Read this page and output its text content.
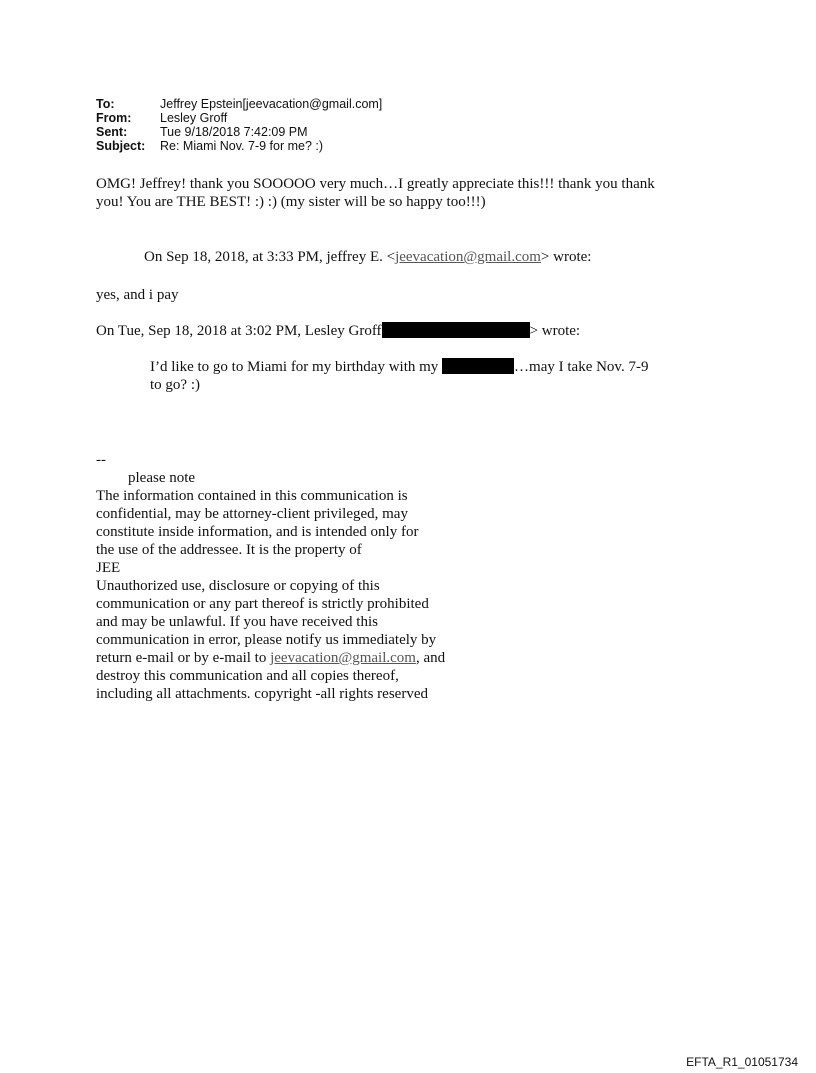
To:	Jeffrey Epstein[jeevacation@gmail.com]
From:	Lesley Groff
Sent:	Tue 9/18/2018 7:42:09 PM
Subject:	Re: Miami Nov. 7-9 for me? :)
OMG! Jeffrey! thank you SOOOOO very much…I greatly appreciate this!!! thank you thank
you! You are THE BEST! :) :) (my sister will be so happy too!!!)
On Sep 18, 2018, at 3:33 PM, jeffrey E. <jeevacation@gmail.com> wrote:
yes, and i pay
On Tue, Sep 18, 2018 at 3:02 PM, Lesley Groff	> wrote:
I’d like to go to Miami for my birthday with my	…may I take Nov. 7-9
to go? :)
--
please note
The information contained in this communication is
confidential, may be attorney-client privileged, may
constitute inside information, and is intended only for
the use of the addressee. It is the property of
JEE
Unauthorized use, disclosure or copying of this
communication or any part thereof is strictly prohibited
and may be unlawful. If you have received this
communication in error, please notify us immediately by
return e-mail or by e-mail to jeevacation@gmail.com, and
destroy this communication and all copies thereof,
including all attachments. copyright -all rights reserved
EFTA_R1_01051734
